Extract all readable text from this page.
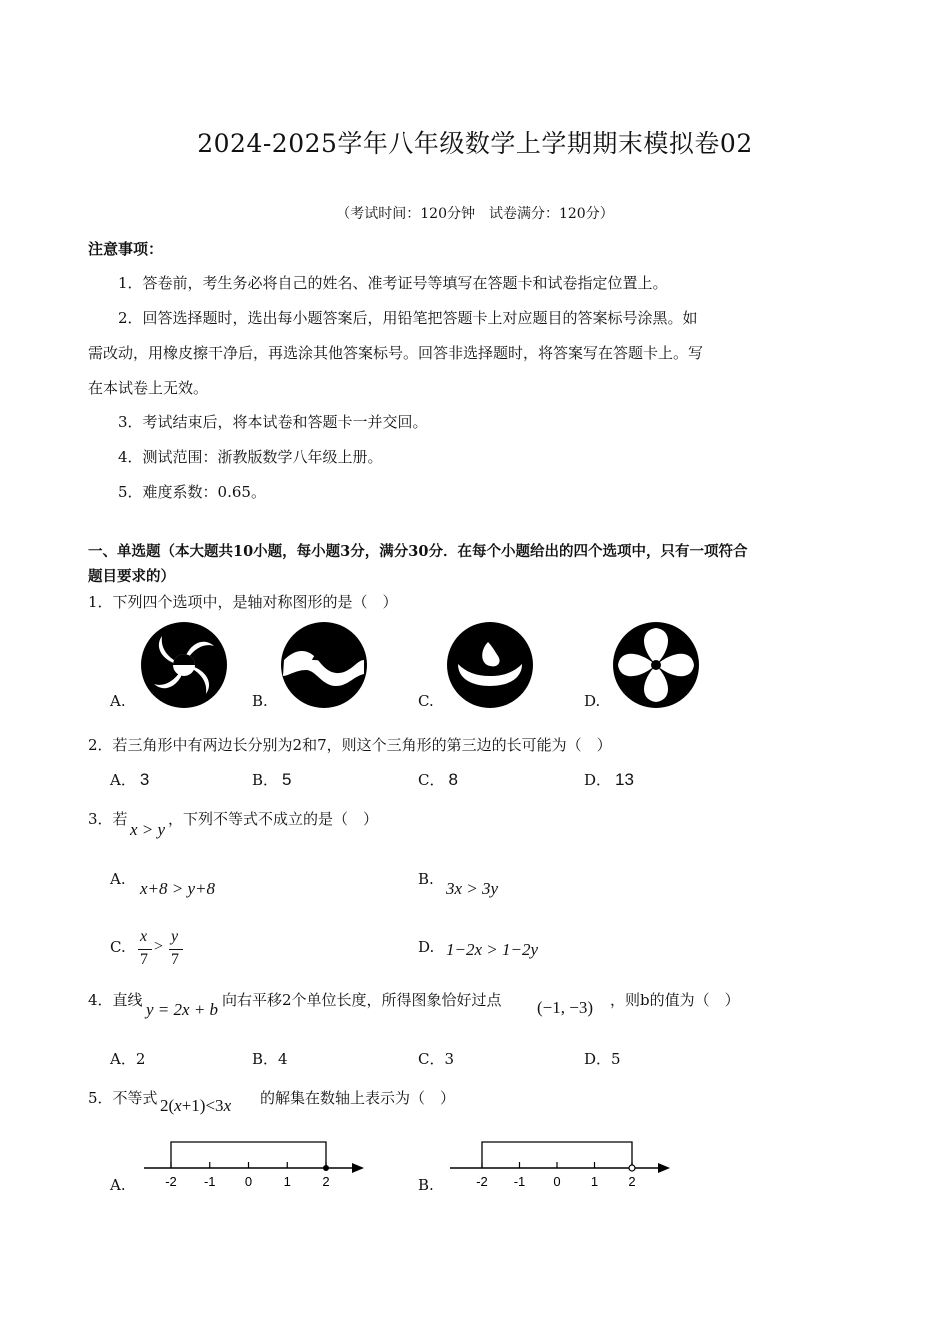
2024-2025学年八年级数学上学期期末模拟卷02
（考试时间：120分钟　试卷满分：120分）
注意事项：
1．答卷前，考生务必将自己的姓名、准考证号等填写在答题卡和试卷指定位置上。
2．回答选择题时，选出每小题答案后，用铅笔把答题卡上对应题目的答案标号涂黑。如
需改动，用橡皮擦干净后，再选涂其他答案标号。回答非选择题时，将答案写在答题卡上。写
在本试卷上无效。
3．考试结束后，将本试卷和答题卡一并交回。
4．测试范围：浙教版数学八年级上册。
5．难度系数：0.65。
一、单选题（本大题共10小题，每小题3分，满分30分．在每个小题给出的四个选项中，只有一项符合
题目要求的）
1．下列四个选项中，是轴对称图形的是（　）
A.	B.	C.	D.
2．若三角形中有两边长分别为2和7，则这个三角形的第三边的长可能为（　）
A． 3	B． 5	C． 8	D． 13
3．若
x > y
，下列不等式不成立的是（　）
A. x+8 > y+8	B. 3x > 3y
C.
x
7
>
y
7
D. 1−2x > 1−2y
4．直线 y = 2x + b 向右平移2个单位长度，所得图象恰好过点 (−1, −3) ，则b的值为（　）
A．2	B．4	C．3	D．5
5．不等式 2(x+1)<3x 的解集在数轴上表示为（　）
A.	-2 -1 0 1 2	B.	-2 -1 0 1 2
